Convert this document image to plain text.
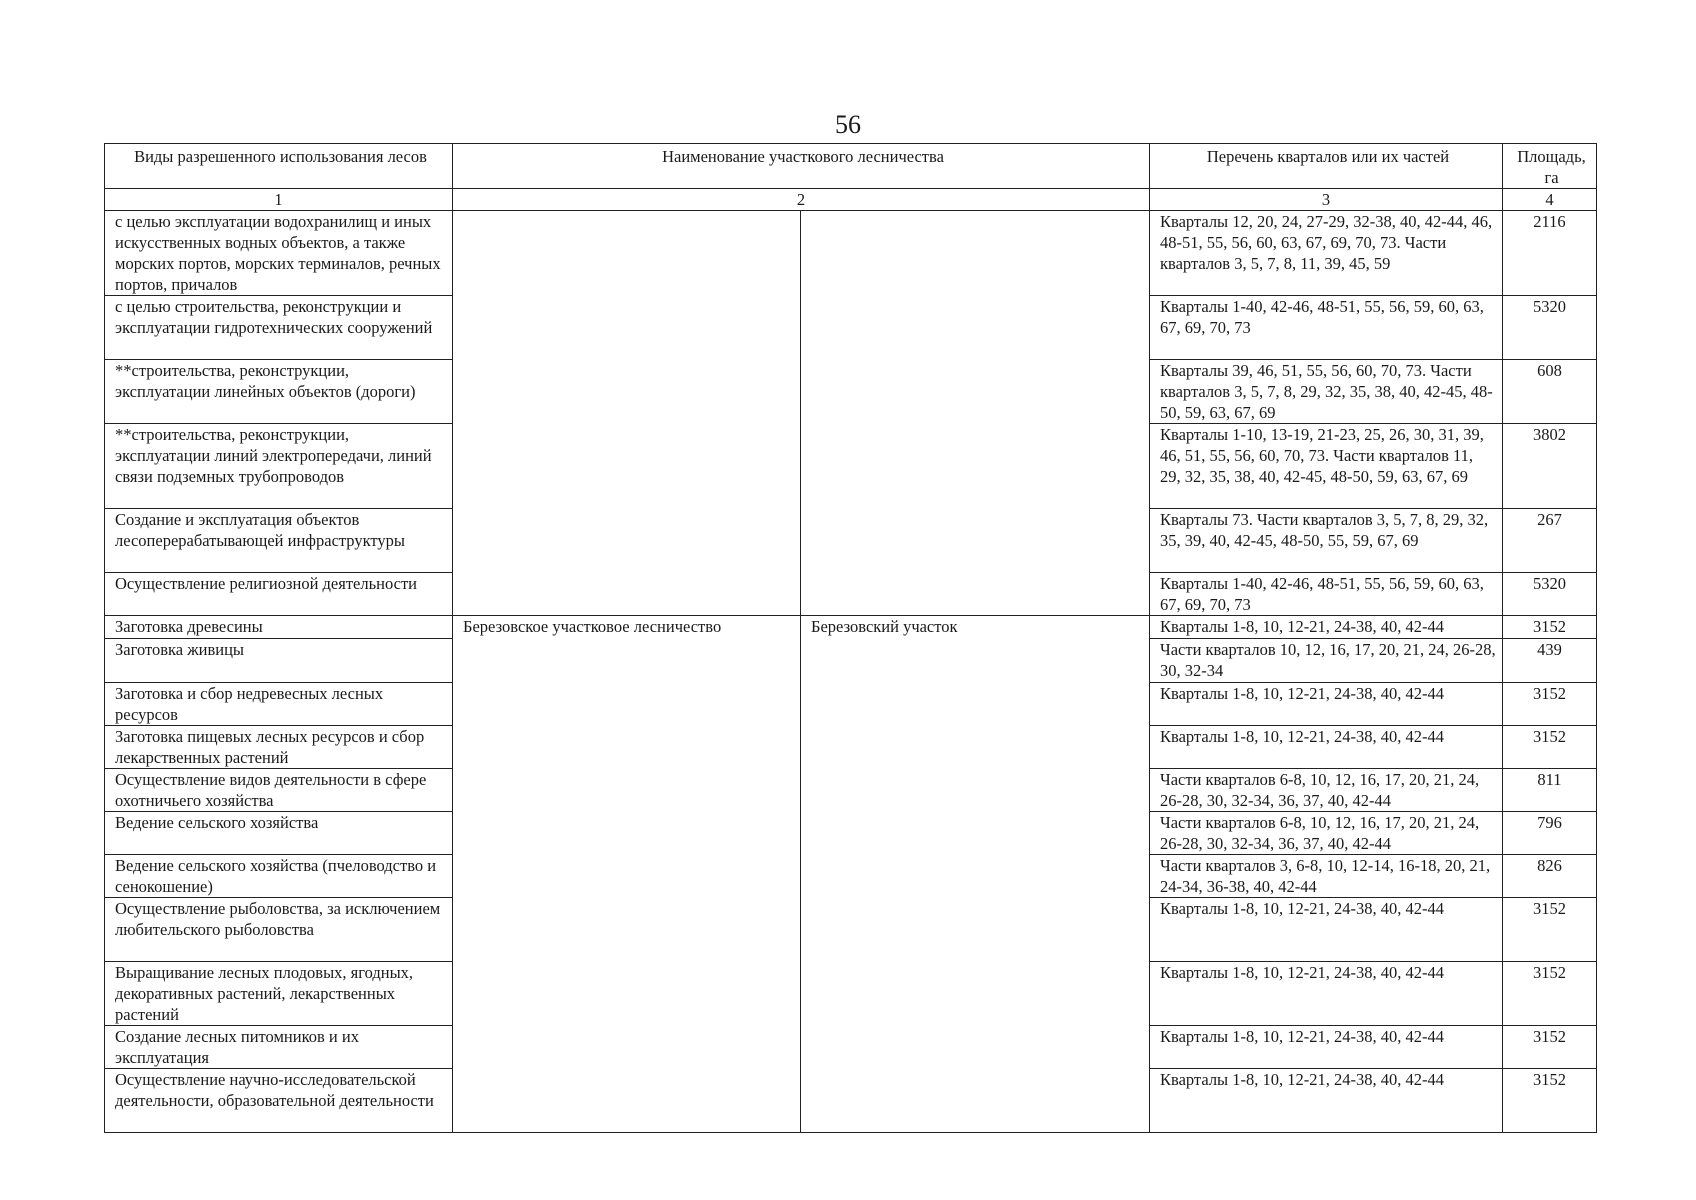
56
Виды разрешенного использования лесов	Наименование участкового лесничества		Перечень кварталов или их частей	Площадь, га
1	2		3	4
с целью эксплуатации водохранилищ и иных искусственных водных объектов, а также морских портов, морских терминалов, речных портов, причалов			Кварталы 12, 20, 24, 27-29, 32-38, 40, 42-44, 46, 48-51, 55, 56, 60, 63, 67, 69, 70, 73. Части кварталов 3, 5, 7, 8, 11, 39, 45, 59	2116
с целью строительства, реконструкции и эксплуатации гидротехнических сооружений			Кварталы 1-40, 42-46, 48-51, 55, 56, 59, 60, 63, 67, 69, 70, 73	5320
**строительства, реконструкции, эксплуатации линейных объектов (дороги)			Кварталы 39, 46, 51, 55, 56, 60, 70, 73. Части кварталов 3, 5, 7, 8, 29, 32, 35, 38, 40, 42-45, 48-50, 59, 63, 67, 69	608
**строительства, реконструкции, эксплуатации линий электропередачи, линий связи подземных трубопроводов			Кварталы 1-10, 13-19, 21-23, 25, 26, 30, 31, 39, 46, 51, 55, 56, 60, 70, 73. Части кварталов 11, 29, 32, 35, 38, 40, 42-45, 48-50, 59, 63, 67, 69	3802
Создание и эксплуатация объектов лесоперерабатывающей инфраструктуры			Кварталы 73. Части кварталов 3, 5, 7, 8, 29, 32, 35, 39, 40, 42-45, 48-50, 55, 59, 67, 69	267
Осуществление религиозной деятельности			Кварталы 1-40, 42-46, 48-51, 55, 56, 59, 60, 63, 67, 69, 70, 73	5320
Заготовка древесины	Березовское участковое лесничество	Березовский участок	Кварталы 1-8, 10, 12-21, 24-38, 40, 42-44	3152
Заготовка живицы			Части кварталов 10, 12, 16, 17, 20, 21, 24, 26-28, 30, 32-34	439
Заготовка и сбор недревесных лесных ресурсов			Кварталы 1-8, 10, 12-21, 24-38, 40, 42-44	3152
Заготовка пищевых лесных ресурсов и сбор лекарственных растений			Кварталы 1-8, 10, 12-21, 24-38, 40, 42-44	3152
Осуществление видов деятельности в сфере охотничьего хозяйства			Части кварталов 6-8, 10, 12, 16, 17, 20, 21, 24, 26-28, 30, 32-34, 36, 37, 40, 42-44	811
Ведение сельского хозяйства			Части кварталов 6-8, 10, 12, 16, 17, 20, 21, 24, 26-28, 30, 32-34, 36, 37, 40, 42-44	796
Ведение сельского хозяйства (пчеловодство и сенокошение)			Части кварталов 3, 6-8, 10, 12-14, 16-18, 20, 21, 24-34, 36-38, 40, 42-44	826
Осуществление рыболовства, за исключением любительского рыболовства			Кварталы 1-8, 10, 12-21, 24-38, 40, 42-44	3152
Выращивание лесных плодовых, ягодных, декоративных растений, лекарственных растений			Кварталы 1-8, 10, 12-21, 24-38, 40, 42-44	3152
Создание лесных питомников и их эксплуатация			Кварталы 1-8, 10, 12-21, 24-38, 40, 42-44	3152
Осуществление научно-исследовательской деятельности, образовательной деятельности			Кварталы 1-8, 10, 12-21, 24-38, 40, 42-44	3152
